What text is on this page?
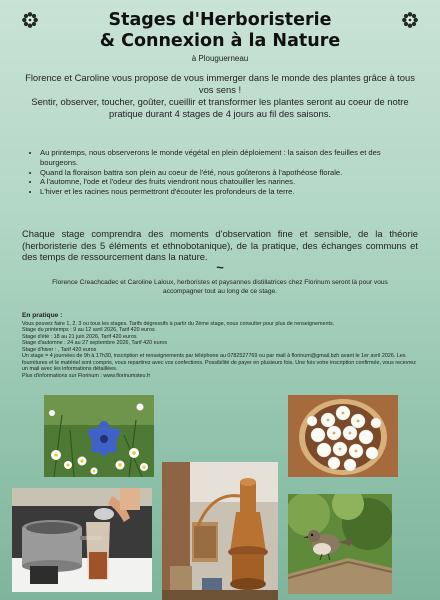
Stages d'Herboristerie
& Connexion à la Nature
à Plouguerneau
Florence et Caroline vous propose de vous immerger dans le monde des plantes grâce à tous vos sens !
Sentir, observer, toucher, goûter, cueillir et transformer les plantes seront au coeur de notre pratique durant 4 stages de 4 jours au fil des saisons.
• Au printemps, nous observerons le monde végétal en plein déploiement : la saison des feuilles et des bourgeons.
• Quand la floraison battra son plein au coeur de l'été, nous goûterons à l'apothéose florale.
• A l'automne, l'ode et l'odeur des fruits viendront nous chatouiller les narines.
• L'hiver et les racines nous permettront d'écouter les profondeurs de la terre.
Chaque stage comprendra des moments d'observation fine et sensible, de la théorie (herboristerie des 5 éléments et ethnobotanique), de la pratique, des échanges communs et des temps de ressourcement dans la nature.
~
Florence Creachcadec et Caroline Laloux, herboristes et paysannes distillatrices chez Florinum seront là pour vous accompagner tout au long de ce stage.
En pratique :
Vous pouvez faire 1, 2, 3 ou tous les stages. Tarifs dégressifs à partir du 2ème stage, nous consulter pour plus de renseignements.
Stage du printemps : 9 au 12 avril 2026, Tarif 420 euros
Stage d'été : 18 au 21 juin 2026, Tarif 420 euros
Stage d'automne : 24 au 27 septembre 2026, Tarif 420 euros
Stage d'hiver : , Tarif 420 euros
Un stage = 4 journées de 9h à 17h30, inscription et renseignements par téléphone au 0782527769 ou par mail à florinum@gmail.bzh avant le 1er avril 2026. Les fournitures et le matériel sont compris, vous repartirez avec vos confections. Possibilité de payer en plusieurs fois. Une fois votre inscription confirmée, vous recevrez un mail avec les informations détaillées.
Plus d'informations sur Florinum : www.florinumsteu.fr
